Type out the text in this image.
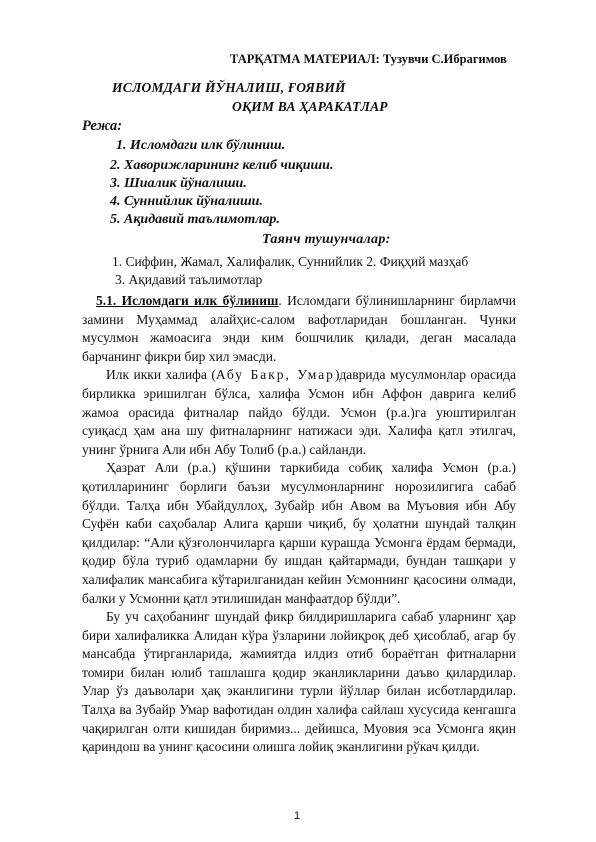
ТАРҚАТМА МАТЕРИАЛ: Тузувчи С.Ибрагимов
ИСЛОМДАГИ ЙЎНАЛИШ, ҒОЯВИЙ
ОҚИМ ВА ҲАРАКАТЛАР
Режа:
1. Исломдаги илк бўлиниш.
2. Хаворижларининг келиб чиқиши.
3. Шиалик йўналиши.
4. Суннийлик йўналиши.
5. Ақидавий таълимотлар.
Таянч тушунчалар:
1. Сиффин, Жамал, Халифалик, Суннийлик 2. Фиқҳий мазҳаб
3. Ақидавий таълимотлар

5.1. Исломдаги илк бўлиниш. Исломдаги бўлинишларнинг бирламчи замини Муҳаммад алайҳис-салом вафотларидан бошланган. Чунки мусулмон жамоасига энди ким бошчилик қилади, деган масалада барчанинг фикри бир хил эмасди.

Илк икки халифа (Абу Бакр, Умар)даврида мусулмонлар орасида бирликка эришилган бўлса, халифа Усмон ибн Аффон даврига келиб жамоа орасида фитналар пайдо бўлди. Усмон (р.а.)га уюштирилган суиқасд ҳам ана шу фитналарнинг натижаси эди. Халифа қатл этилгач, унинг ўрнига Али ибн Абу Толиб (р.а.) сайланди.

Ҳазрат Али (р.а.) қўшини таркибида собиқ халифа Усмон (р.а.) қотилларининг борлиги баъзи мусулмонларнинг норозилигига сабаб бўлди. Талҳа ибн Убайдуллоҳ, Зубайр ибн Авом ва Муъовия ибн Абу Суфён каби саҳобалар Алига қарши чиқиб, бу ҳолатни шундай талқин қилдилар: “Али қўзғолончиларга қарши курашда Усмонга ёрдам бермади, қодир бўла туриб одамларни бу ишдан қайтармади, бундан ташқари у халифалик мансабига кўтарилганидан кейин Усмоннинг қасосини олмади, балки у Усмонни қатл этилишидан манфаатдор бўлди”.

Бу уч саҳобанинг шундай фикр билдиришларига сабаб уларнинг ҳар бири халифаликка Алидан кўра ўзларини лойиқроқ деб ҳисоблаб, агар бу мансабда ўтирганларида, жамиятда илдиз отиб бораётган фитналарни томири билан юлиб ташлашга қодир эканликларини даъво қилардилар. Улар ўз даъволари ҳақ эканлигини турли йўллар билан исботлардилар. Талҳа ва Зубайр Умар вафотидан олдин халифа сайлаш хусусида кенгашга чақирилган олти кишидан биримиз... дейишса, Муовия эса Усмонга яқин қариндош ва унинг қасосини олишга лойиқ эканлигини рўкач қилди.

1
